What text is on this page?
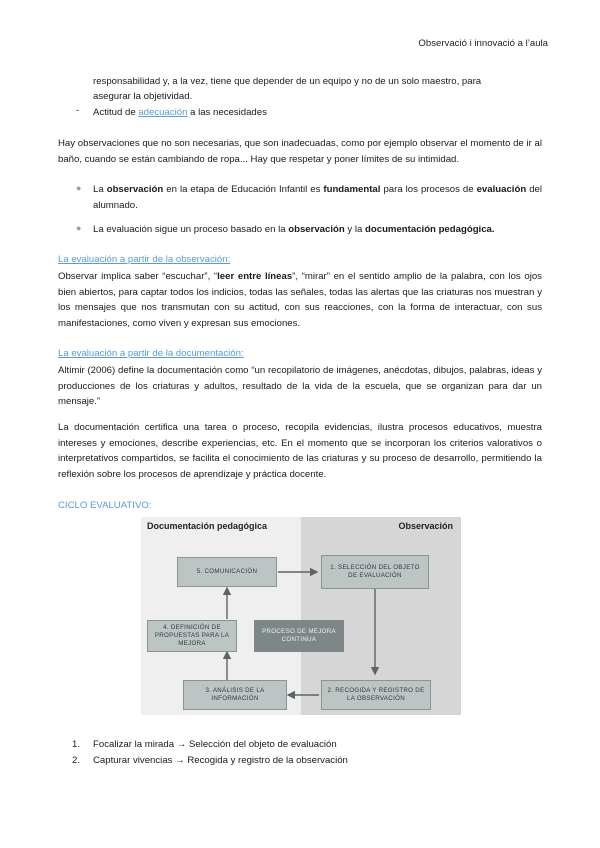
Observació i innovació a l’aula
responsabilidad y, a la vez, tiene que depender de un equipo y no de un solo maestro, para
asegurar la objetividad.
- Actitud de adecuación a las necesidades
Hay observaciones que no son necesarias, que son inadecuadas, como por ejemplo observar el momento de ir al baño, cuando se están cambiando de ropa... Hay que respetar y poner límites de su intimidad.
● La observación en la etapa de Educación Infantil es fundamental para los procesos de evaluación del alumnado.
● La evaluación sigue un proceso basado en la observación y la documentación pedagógica.
La evaluación a partir de la observación:
Observar implica saber “escuchar”, “leer entre líneas”, “mirar” en el sentido amplio de la palabra, con los ojos bien abiertos, para captar todos los indicios, todas las señales, todas las alertas que las criaturas nos muestran y los mensajes que nos transmutan con su actitud, con sus reacciones, con la forma de interactuar, con sus manifestaciones, como viven y expresan sus emociones.
La evaluación a partir de la documentación:
Altimir (2006) define la documentación como “un recopilatorio de imágenes, anécdotas, dibujos, palabras, ideas y producciones de los criaturas y adultos, resultado de la vida de la escuela, que se organizan para dar un mensaje.”
La documentación certifica una tarea o proceso, recopila evidencias, ilustra procesos educativos, muestra intereses y emociones, describe experiencias, etc. En el momento que se incorporan los criterios valorativos o interpretativos compartidos, se facilita el conocimiento de las criaturas y su proceso de desarrollo, permitiendo la reflexión sobre los procesos de aprendizaje y práctica docente.
CICLO EVALUATIVO:
Documentación pedagógica	Observación
5. COMUNICACIÓN
1. SELECCIÓN DEL OBJETO DE EVALUACIÓN
4. DEFINICIÓN DE PROPUESTAS PARA LA MEJORA
PROCESO DE MEJORA CONTINUA
3. ANÁLISIS DE LA INFORMACIÓN
2. RECOGIDA Y REGISTRO DE LA OBSERVACIÓN
1. Focalizar la mirada → Selección del objeto de evaluación
2. Capturar vivencias → Recogida y registro de la observación
